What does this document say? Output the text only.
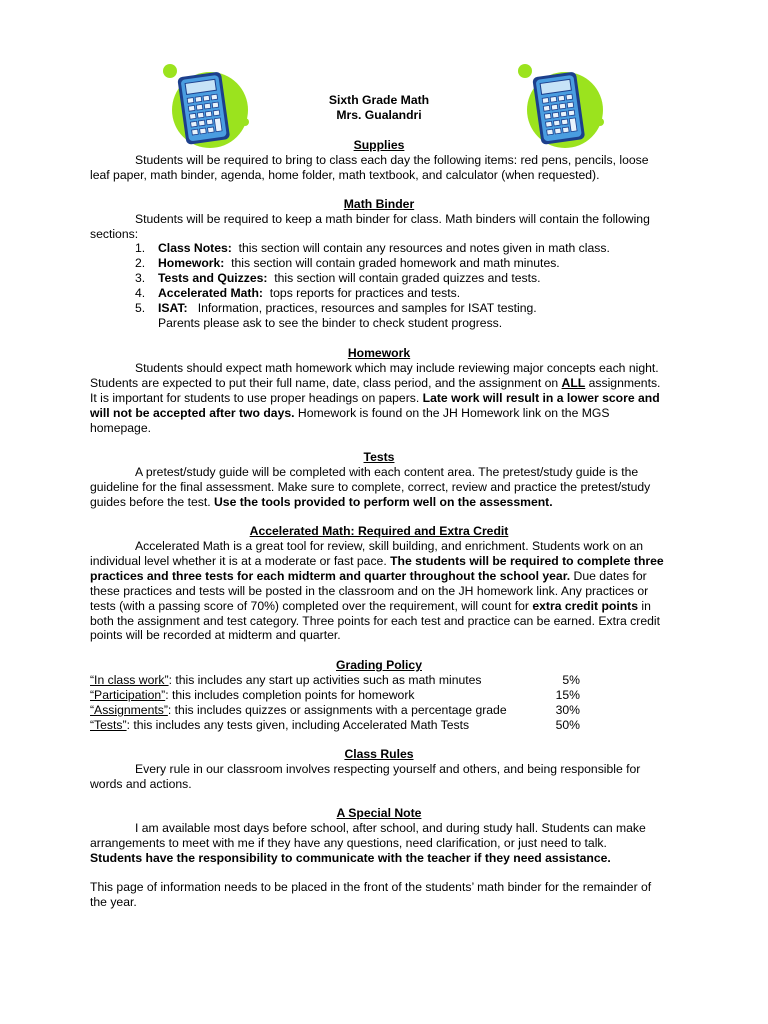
Sixth Grade Math
Mrs. Gualandri
Supplies
Students will be required to bring to class each day the following items: red pens, pencils, loose leaf paper, math binder, agenda, home folder, math textbook, and calculator (when requested).
Math Binder
Students will be required to keep a math binder for class. Math binders will contain the following sections:
1.	Class Notes:  this section will contain any resources and notes given in math class.
2.	Homework:  this section will contain graded homework and math minutes.
3.	Tests and Quizzes:  this section will contain graded quizzes and tests.
4.	Accelerated Math:  tops reports for practices and tests.
5.	ISAT:   Information, practices, resources and samples for ISAT testing.
Parents please ask to see the binder to check student progress.
Homework
Students should expect math homework which may include reviewing major concepts each night. Students are expected to put their full name, date, class period, and the assignment on ALL assignments. It is important for students to use proper headings on papers. Late work will result in a lower score and will not be accepted after two days. Homework is found on the JH Homework link on the MGS homepage.
Tests
A pretest/study guide will be completed with each content area. The pretest/study guide is the guideline for the final assessment. Make sure to complete, correct, review and practice the pretest/study guides before the test. Use the tools provided to perform well on the assessment.
Accelerated Math: Required and Extra Credit
Accelerated Math is a great tool for review, skill building, and enrichment. Students work on an individual level whether it is at a moderate or fast pace. The students will be required to complete three practices and three tests for each midterm and quarter throughout the school year. Due dates for these practices and tests will be posted in the classroom and on the JH homework link. Any practices or tests (with a passing score of 70%) completed over the requirement, will count for extra credit points in both the assignment and test category. Three points for each test and practice can be earned. Extra credit points will be recorded at midterm and quarter.
Grading Policy
“In class work”: this includes any start up activities such as math minutes	5%
“Participation”: this includes completion points for homework	15%
“Assignments”: this includes quizzes or assignments with a percentage grade	30%
“Tests”: this includes any tests given, including Accelerated Math Tests	50%
Class Rules
Every rule in our classroom involves respecting yourself and others, and being responsible for words and actions.
A Special Note
I am available most days before school, after school, and during study hall. Students can make arrangements to meet with me if they have any questions, need clarification, or just need to talk.
Students have the responsibility to communicate with the teacher if they need assistance.
This page of information needs to be placed in the front of the students’ math binder for the remainder of the year.
